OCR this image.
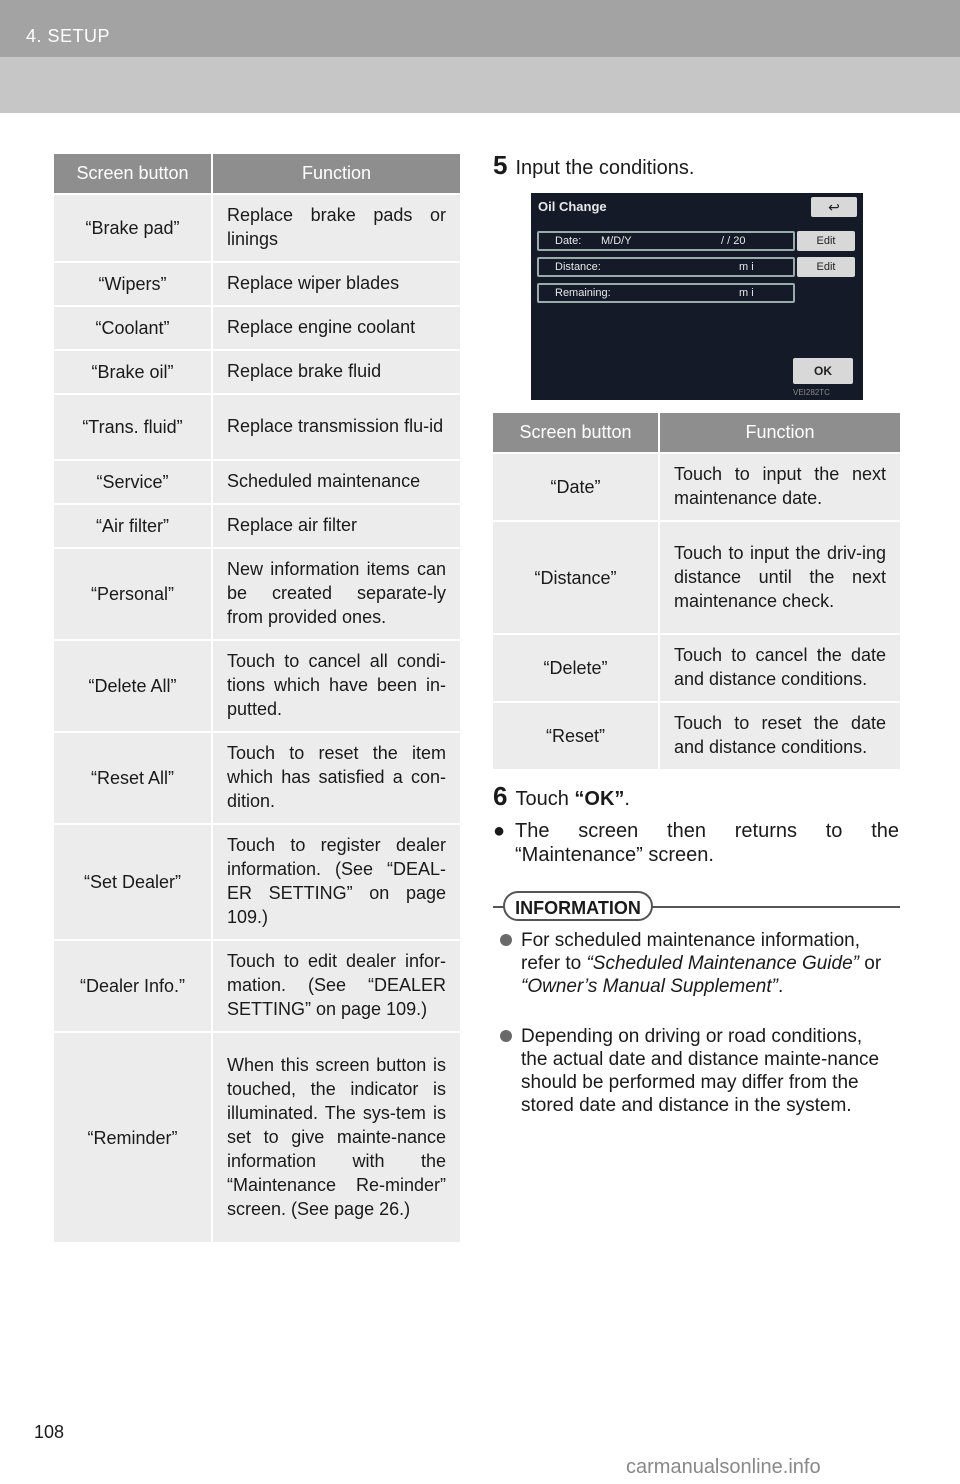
4. SETUP
Screen button	Function
“Brake pad”	Replace brake pads or linings
“Wipers”	Replace wiper blades
“Coolant”	Replace engine coolant
“Brake oil”	Replace brake fluid
“Trans. fluid”	Replace transmission flu-id
“Service”	Scheduled maintenance
“Air filter”	Replace air filter
“Personal”	New information items can be created separate-ly from provided ones.
“Delete All”	Touch to cancel all condi-tions which have been in-putted.
“Reset All”	Touch to reset the item which has satisfied a con-dition.
“Set Dealer”	Touch to register dealer information. (See “DEAL-ER SETTING” on page 109.)
“Dealer Info.”	Touch to edit dealer infor-mation. (See “DEALER SETTING” on page 109.)
“Reminder”	When this screen button is touched, the indicator is illuminated. The sys-tem is set to give mainte-nance information with the “Maintenance Re-minder” screen. (See page 26.)
5 Input the conditions.
Oil Change	↩
Date: M/D/Y	/ / 20	Edit
Distance:	m i	Edit
Remaining:	m i
OK
VEI282TC
Screen button	Function
“Date”	Touch to input the next maintenance date.
“Distance”	Touch to input the driv-ing distance until the next maintenance check.
“Delete”	Touch to cancel the date and distance conditions.
“Reset”	Touch to reset the date and distance conditions.
6 Touch “OK”.
● The screen then returns to the “Maintenance” screen.
INFORMATION
For scheduled maintenance information, refer to “Scheduled Maintenance Guide” or “Owner’s Manual Supplement”.
Depending on driving or road conditions, the actual date and distance mainte-nance should be performed may differ from the stored date and distance in the system.
108
carmanualsonline.info
